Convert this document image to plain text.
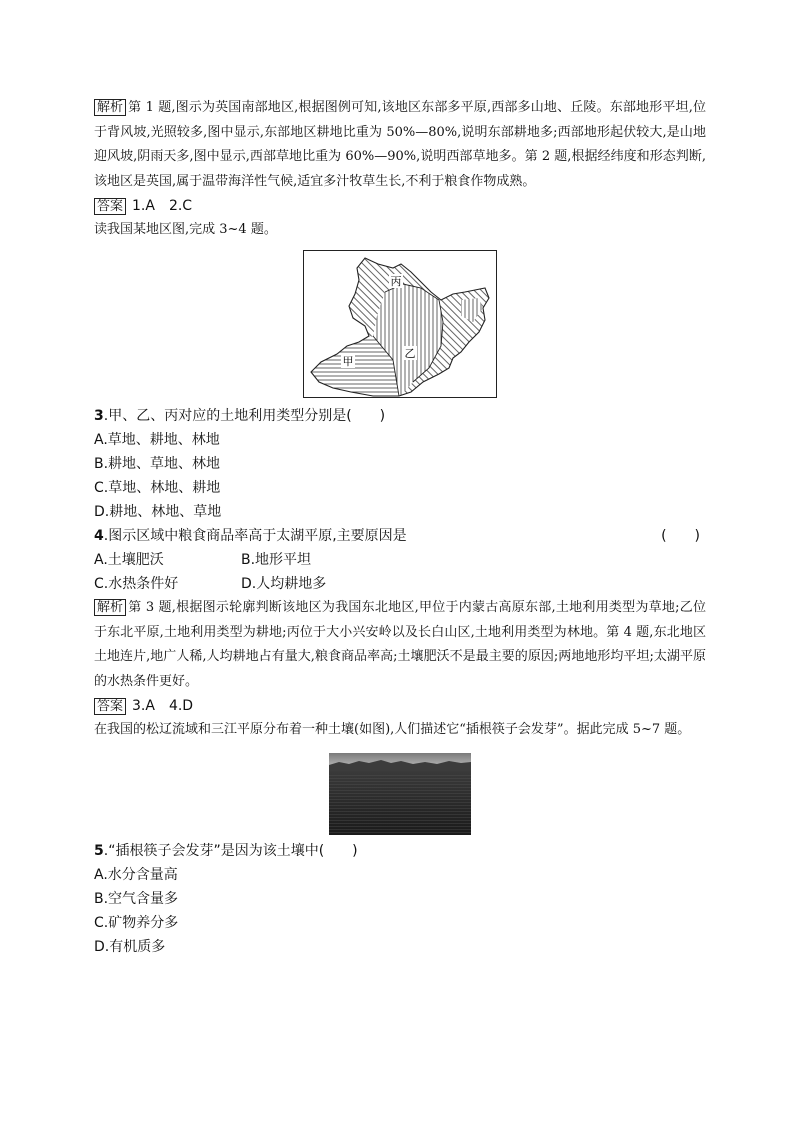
解析 第 1 题,图示为英国南部地区,根据图例可知,该地区东部多平原,西部多山地、丘陵。东部地形平坦,位于背风坡,光照较多,图中显示,东部地区耕地比重为 50%—80%,说明东部耕地多;西部地形起伏较大,是山地迎风坡,阴雨天多,图中显示,西部草地比重为 60%—90%,说明西部草地多。第 2 题,根据经纬度和形态判断,该地区是英国,属于温带海洋性气候,适宜多汁牧草生长,不利于粮食作物成熟。

答案 1.A　2.C

读我国某地区图,完成 3~4 题。

丙
乙
甲
3.甲、乙、丙对应的土地利用类型分别是(　　)

A.草地、耕地、林地

B.耕地、草地、林地

C.草地、林地、耕地

D.耕地、林地、草地

4.图示区域中粮食商品率高于太湖平原,主要原因是	(　　)
A.土壤肥沃	B.地形平坦
C.水热条件好	D.人均耕地多

解析 第 3 题,根据图示轮廓判断该地区为我国东北地区,甲位于内蒙古高原东部,土地利用类型为草地;乙位于东北平原,土地利用类型为耕地;丙位于大小兴安岭以及长白山区,土地利用类型为林地。第 4 题,东北地区土地连片,地广人稀,人均耕地占有量大,粮食商品率高;土壤肥沃不是最主要的原因;两地地形均平坦;太湖平原的水热条件更好。

答案 3.A　4.D

在我国的松辽流域和三江平原分布着一种土壤(如图),人们描述它“插根筷子会发芽”。据此完成 5~7 题。

5.“插根筷子会发芽”是因为该土壤中(　　)

A.水分含量高

B.空气含量多

C.矿物养分多

D.有机质多
